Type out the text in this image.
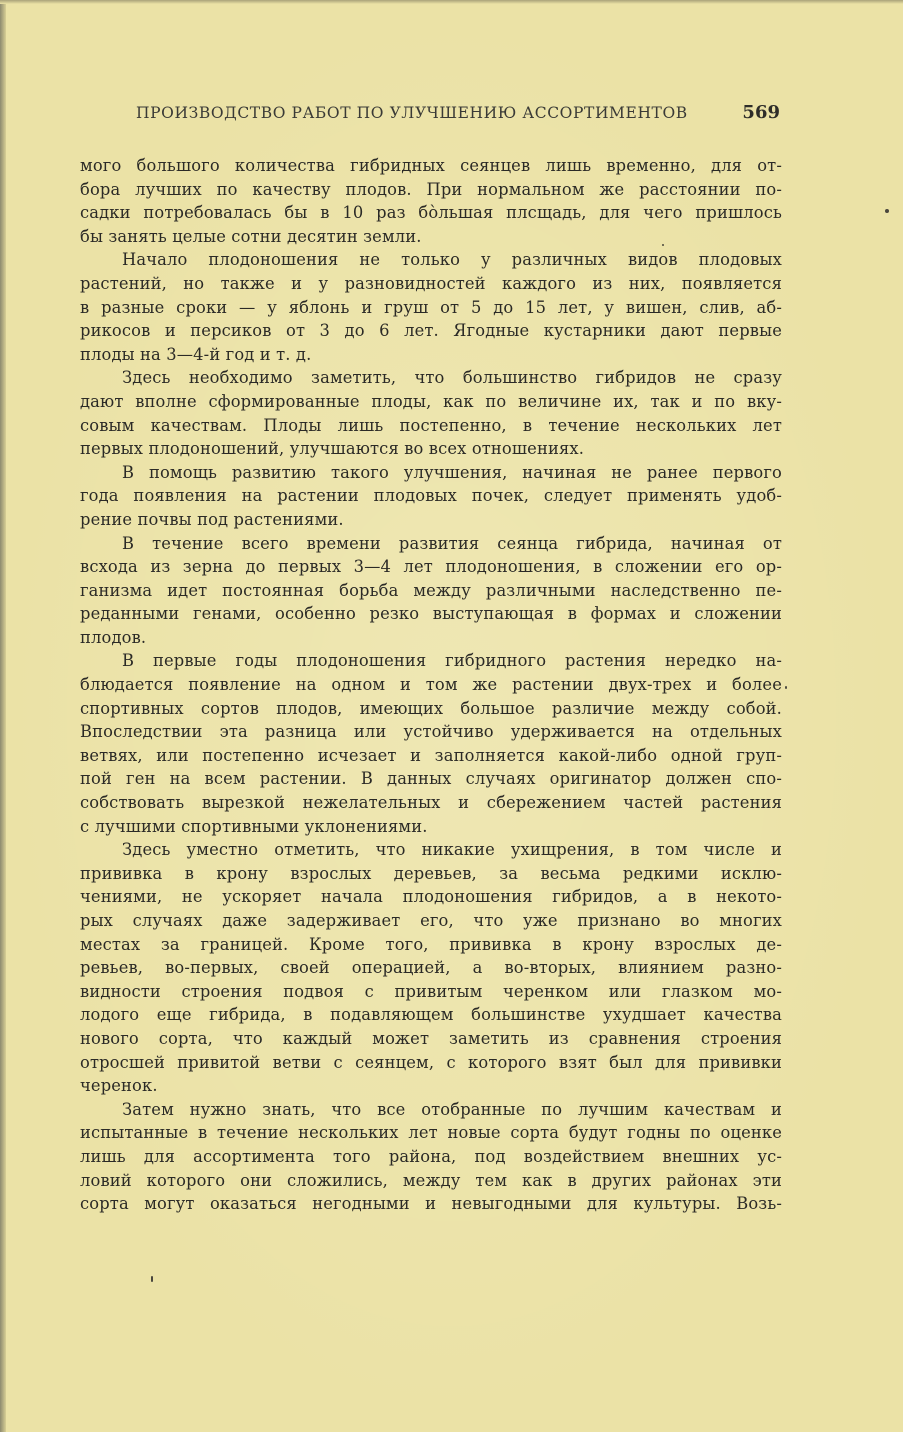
ПРОИЗВОДСТВО РАБОТ ПО УЛУЧШЕНИЮ АССОРТИМЕНТОВ	569
мого большого количества гибридных сеянцев лишь временно, для от-
бора лучших по качеству плодов. При нормальном же расстоянии по-
садки потребовалась бы в 10 раз бо̀льшая плсщадь, для чего пришлось
бы занять целые сотни десятин земли.
Начало плодоношения не только у различных видов плодовых
растений, но также и у разновидностей каждого из них, появляется
в разные сроки — у яблонь и груш от 5 до 15 лет, у вишен, слив, аб-
рикосов и персиков от 3 до 6 лет. Ягодные кустарники дают первые
плоды на 3—4-й год и т. д.
Здесь необходимо заметить, что большинство гибридов не сразу
дают вполне сформированные плоды, как по величине их, так и по вку-
совым качествам. Плоды лишь постепенно, в течение нескольких лет
первых плодоношений, улучшаются во всех отношениях.
В помощь развитию такого улучшения, начиная не ранее первого
года появления на растении плодовых почек, следует применять удоб-
рение почвы под растениями.
В течение всего времени развития сеянца гибрида, начиная от
всхода из зерна до первых 3—4 лет плодоношения, в сложении его ор-
ганизма идет постоянная борьба между различными наследственно пе-
реданными генами, особенно резко выступающая в формах и сложении
плодов.
В первые годы плодоношения гибридного растения нередко на-
блюдается появление на одном и том же растении двух-трех и более
спортивных сортов плодов, имеющих большое различие между собой.
Впоследствии эта разница или устойчиво удерживается на отдельных
ветвях, или постепенно исчезает и заполняется какой-либо одной груп-
пой ген на всем растении. В данных случаях оригинатор должен спо-
собствовать вырезкой нежелательных и сбережением частей растения
с лучшими спортивными уклонениями.
Здесь уместно отметить, что никакие ухищрения, в том числе и
прививка в крону взрослых деревьев, за весьма редкими исклю-
чениями, не ускоряет начала плодоношения гибридов, а в некото-
рых случаях даже задерживает его, что уже признано во многих
местах за границей. Кроме того, прививка в крону взрослых де-
ревьев, во-первых, своей операцией, а во-вторых, влиянием разно-
видности строения подвоя с привитым черенком или глазком мо-
лодого еще гибрида, в подавляющем большинстве ухудшает качества
нового сорта, что каждый может заметить из сравнения строения
отросшей привитой ветви с сеянцем, с которого взят был для прививки
черенок.
Затем нужно знать, что все отобранные по лучшим качествам и
испытанные в течение нескольких лет новые сорта будут годны по оценке
лишь для ассортимента того района, под воздействием внешних ус-
ловий которого они сложились, между тем как в других районах эти
сорта могут оказаться негодными и невыгодными для культуры. Возь-
